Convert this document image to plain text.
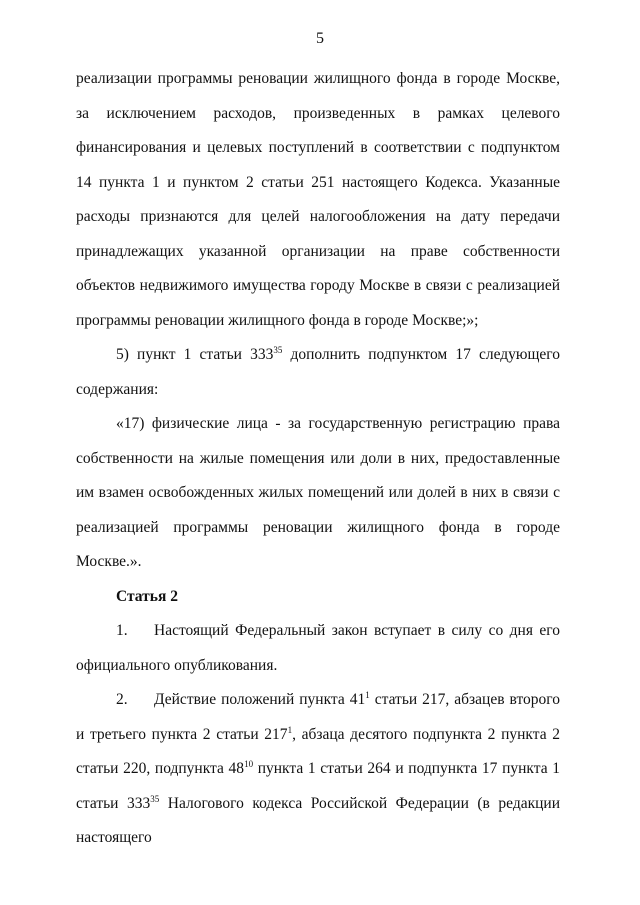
5

реализации программы реновации жилищного фонда в городе Москве, за исключением расходов, произведенных в рамках целевого финансирования и целевых поступлений в соответствии с подпунктом 14 пункта 1 и пунктом 2 статьи 251 настоящего Кодекса. Указанные расходы признаются для целей налогообложения на дату передачи принадлежащих указанной организации на праве собственности объектов недвижимого имущества городу Москве в связи с реализацией программы реновации жилищного фонда в городе Москве;»;

5) пункт 1 статьи $333^{35}$ дополнить подпунктом 17 следующего содержания:

«17) физические лица - за государственную регистрацию права собственности на жилые помещения или доли в них, предоставленные им взамен освобожденных жилых помещений или долей в них в связи с реализацией программы реновации жилищного фонда в городе Москве.».

Статья 2

1. Настоящий Федеральный закон вступает в силу со дня его официального опубликования.

2. Действие положений пункта $41^1$ статьи 217, абзацев второго и третьего пункта 2 статьи $217^1$, абзаца десятого подпункта 2 пункта 2 статьи 220, подпункта $48^{10}$ пункта 1 статьи 264 и подпункта 17 пункта 1 статьи $333^{35}$ Налогового кодекса Российской Федерации (в редакции настоящего
